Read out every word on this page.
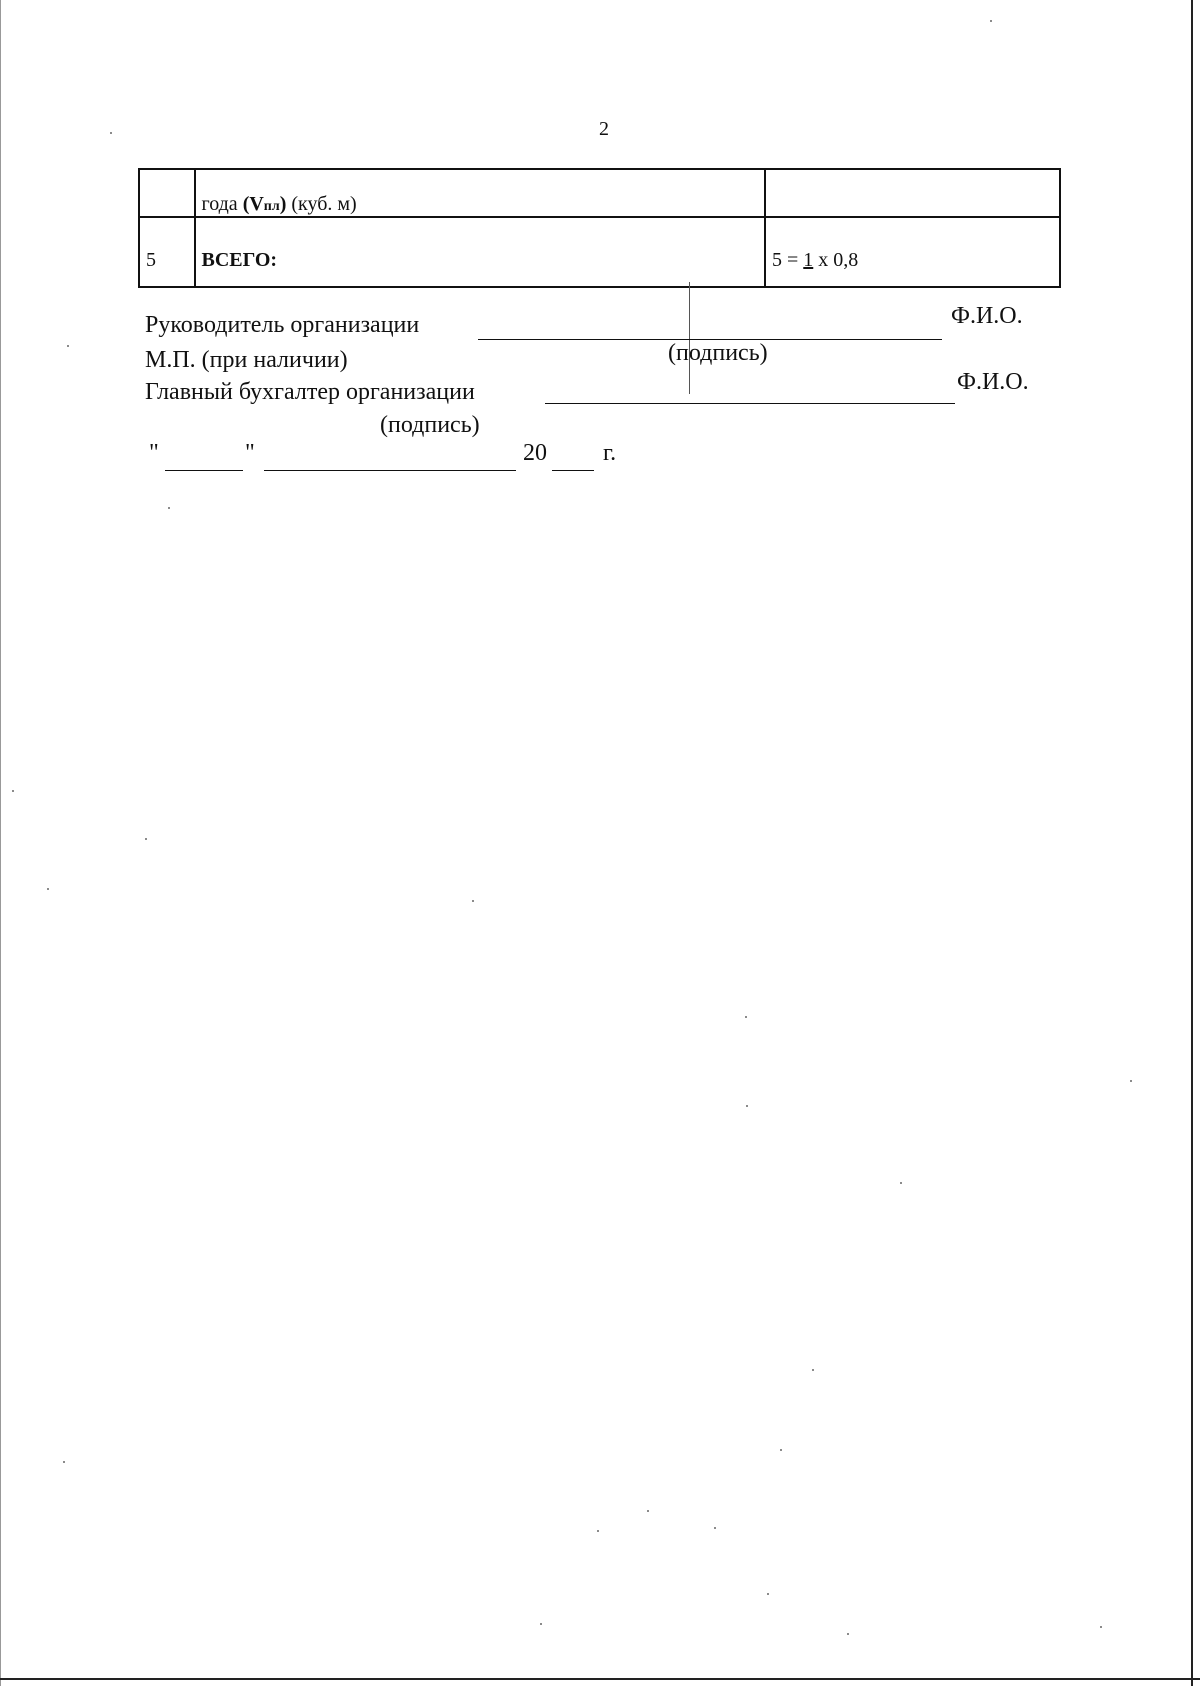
2
	года (Vпл) (куб. м)	
5	ВСЕГО:	5 = 1 x 0,8
Руководитель организации	Ф.И.О.
М.П. (при наличии)	(подпись)
Главный бухгалтер организации	Ф.И.О.
(подпись)
"	"	20 г.
